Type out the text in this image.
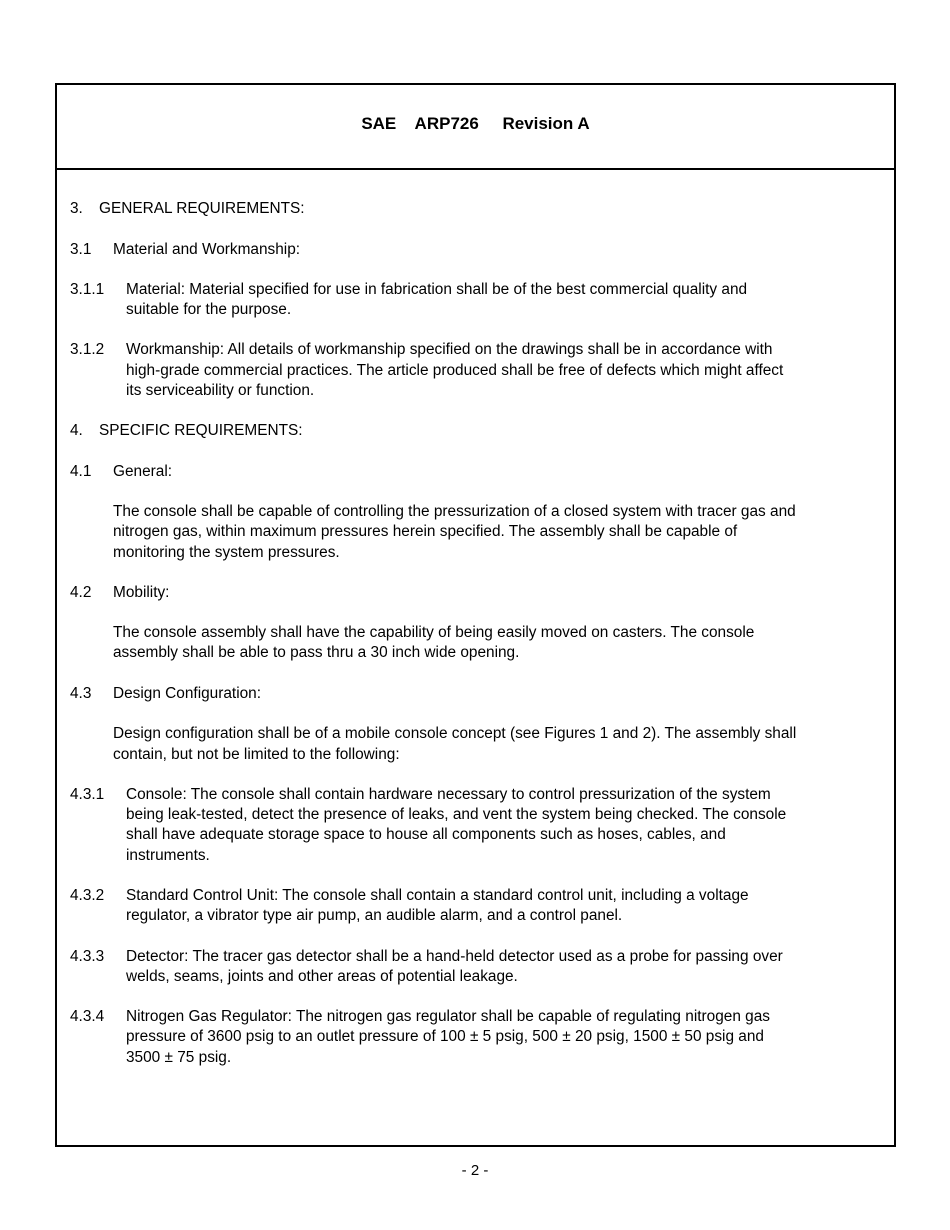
SAE ARP726 Revision A
3. GENERAL REQUIREMENTS:
3.1 Material and Workmanship:
3.1.1 Material: Material specified for use in fabrication shall be of the best commercial quality and
suitable for the purpose.
3.1.2 Workmanship: All details of workmanship specified on the drawings shall be in accordance with
high-grade commercial practices. The article produced shall be free of defects which might affect
its serviceability or function.
4. SPECIFIC REQUIREMENTS:
4.1 General:
The console shall be capable of controlling the pressurization of a closed system with tracer gas and
nitrogen gas, within maximum pressures herein specified. The assembly shall be capable of
monitoring the system pressures.
4.2 Mobility:
The console assembly shall have the capability of being easily moved on casters. The console
assembly shall be able to pass thru a 30 inch wide opening.
4.3 Design Configuration:
Design configuration shall be of a mobile console concept (see Figures 1 and 2). The assembly shall
contain, but not be limited to the following:
4.3.1 Console: The console shall contain hardware necessary to control pressurization of the system
being leak-tested, detect the presence of leaks, and vent the system being checked. The console
shall have adequate storage space to house all components such as hoses, cables, and
instruments.
4.3.2 Standard Control Unit: The console shall contain a standard control unit, including a voltage
regulator, a vibrator type air pump, an audible alarm, and a control panel.
4.3.3 Detector: The tracer gas detector shall be a hand-held detector used as a probe for passing over
welds, seams, joints and other areas of potential leakage.
4.3.4 Nitrogen Gas Regulator: The nitrogen gas regulator shall be capable of regulating nitrogen gas
pressure of 3600 psig to an outlet pressure of 100 ± 5 psig, 500 ± 20 psig, 1500 ± 50 psig and
3500 ± 75 psig.
- 2 -
